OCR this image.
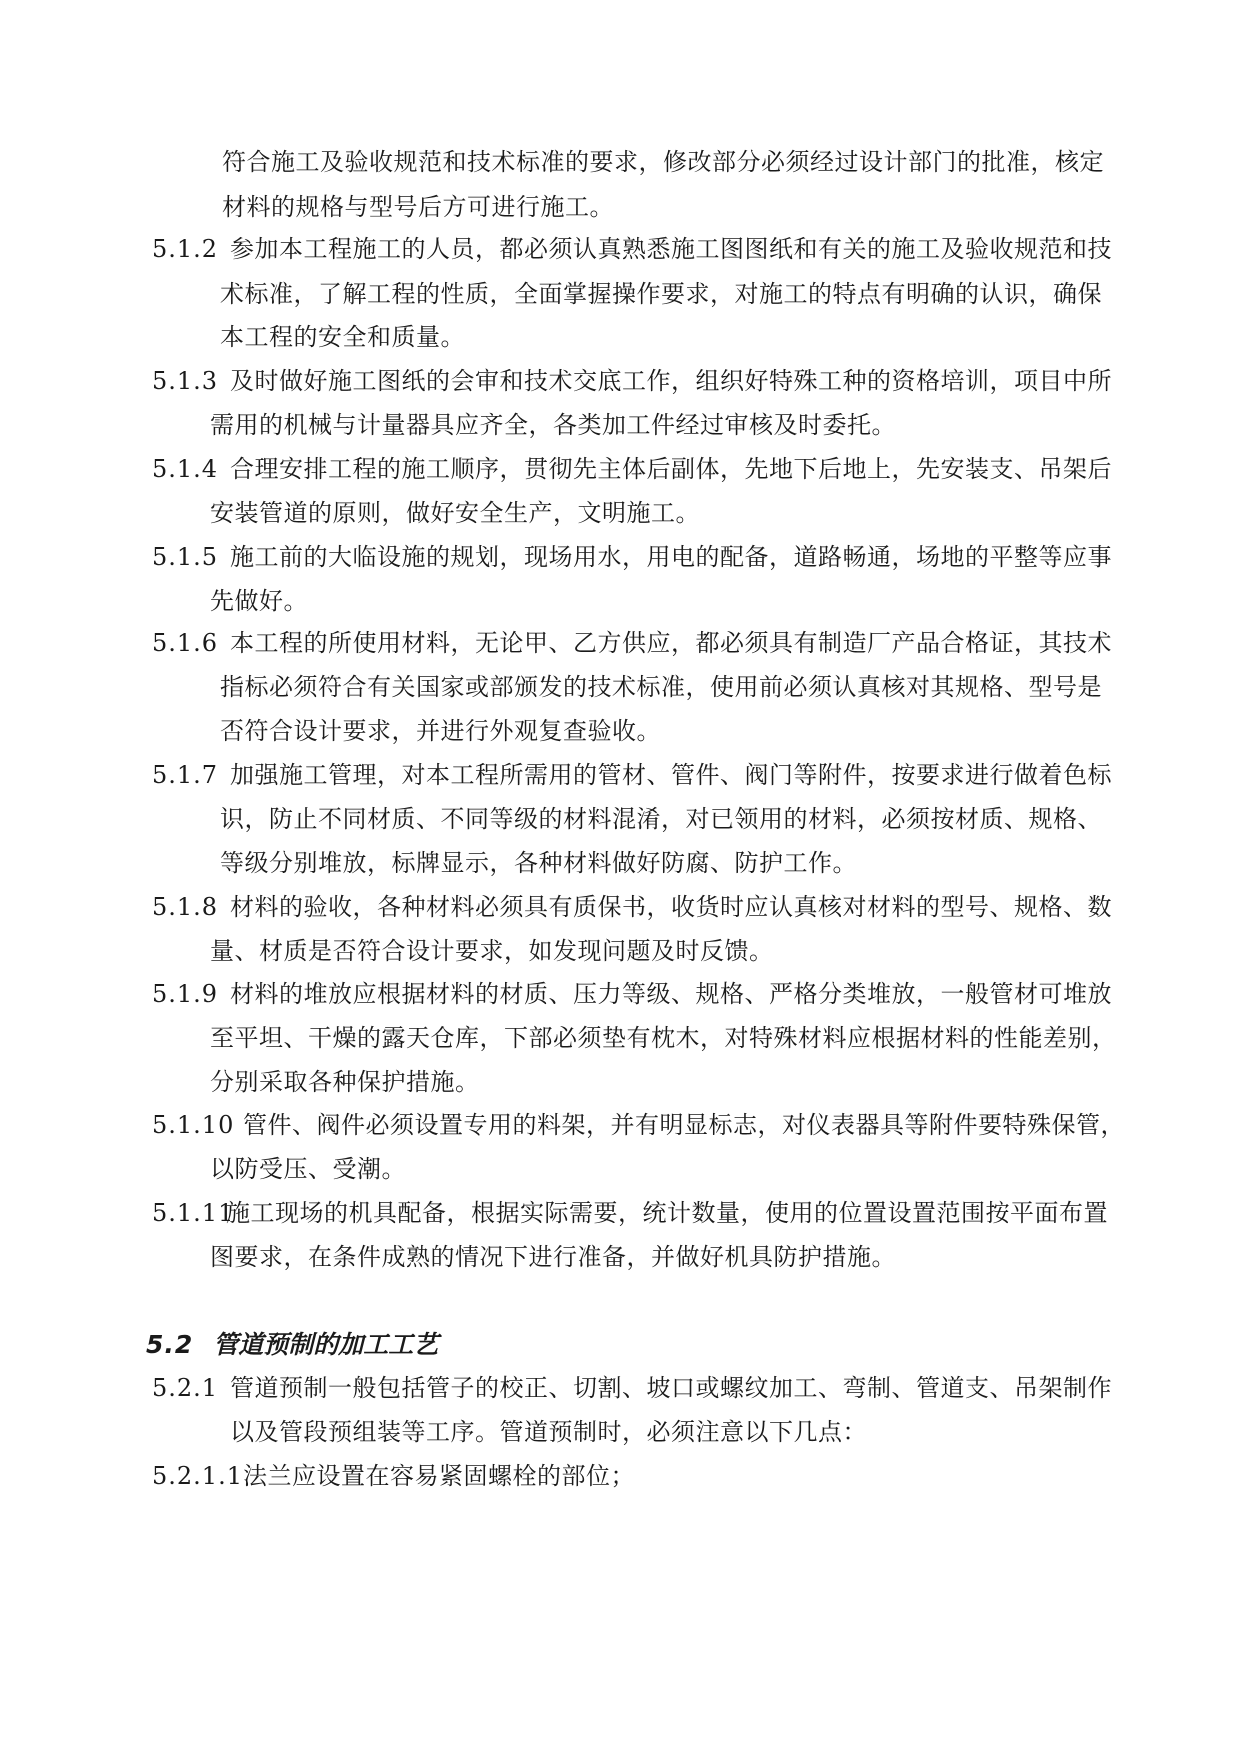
符合施工及验收规范和技术标准的要求，修改部分必须经过设计部门的批准，核定
材料的规格与型号后方可进行施工。
5.1.2 参加本工程施工的人员，都必须认真熟悉施工图图纸和有关的施工及验收规范和技
术标准，了解工程的性质，全面掌握操作要求，对施工的特点有明确的认识，确保
本工程的安全和质量。
5.1.3 及时做好施工图纸的会审和技术交底工作，组织好特殊工种的资格培训，项目中所
需用的机械与计量器具应齐全，各类加工件经过审核及时委托。
5.1.4 合理安排工程的施工顺序，贯彻先主体后副体，先地下后地上，先安装支、吊架后
安装管道的原则，做好安全生产，文明施工。
5.1.5 施工前的大临设施的规划，现场用水，用电的配备，道路畅通，场地的平整等应事
先做好。
5.1.6 本工程的所使用材料，无论甲、乙方供应，都必须具有制造厂产品合格证，其技术
指标必须符合有关国家或部颁发的技术标准，使用前必须认真核对其规格、型号是
否符合设计要求，并进行外观复查验收。
5.1.7 加强施工管理，对本工程所需用的管材、管件、阀门等附件，按要求进行做着色标
识，防止不同材质、不同等级的材料混淆，对已领用的材料，必须按材质、规格、
等级分别堆放，标牌显示，各种材料做好防腐、防护工作。
5.1.8 材料的验收，各种材料必须具有质保书，收货时应认真核对材料的型号、规格、数
量、材质是否符合设计要求，如发现问题及时反馈。
5.1.9 材料的堆放应根据材料的材质、压力等级、规格、严格分类堆放，一般管材可堆放
至平坦、干燥的露天仓库，下部必须垫有枕木，对特殊材料应根据材料的性能差别，
分别采取各种保护措施。
5.1.10 管件、阀件必须设置专用的料架，并有明显标志，对仪表器具等附件要特殊保管，
以防受压、受潮。
5.1.11
施工现场的机具配备，根据实际需要，统计数量，使用的位置设置范围按平面布置
图要求，在条件成熟的情况下进行准备，并做好机具防护措施。
5.2 管道预制的加工工艺
5.2.1 管道预制一般包括管子的校正、切割、坡口或螺纹加工、弯制、管道支、吊架制作
以及管段预组装等工序。管道预制时，必须注意以下几点：
5.2.1.1 法兰应设置在容易紧固螺栓的部位；
